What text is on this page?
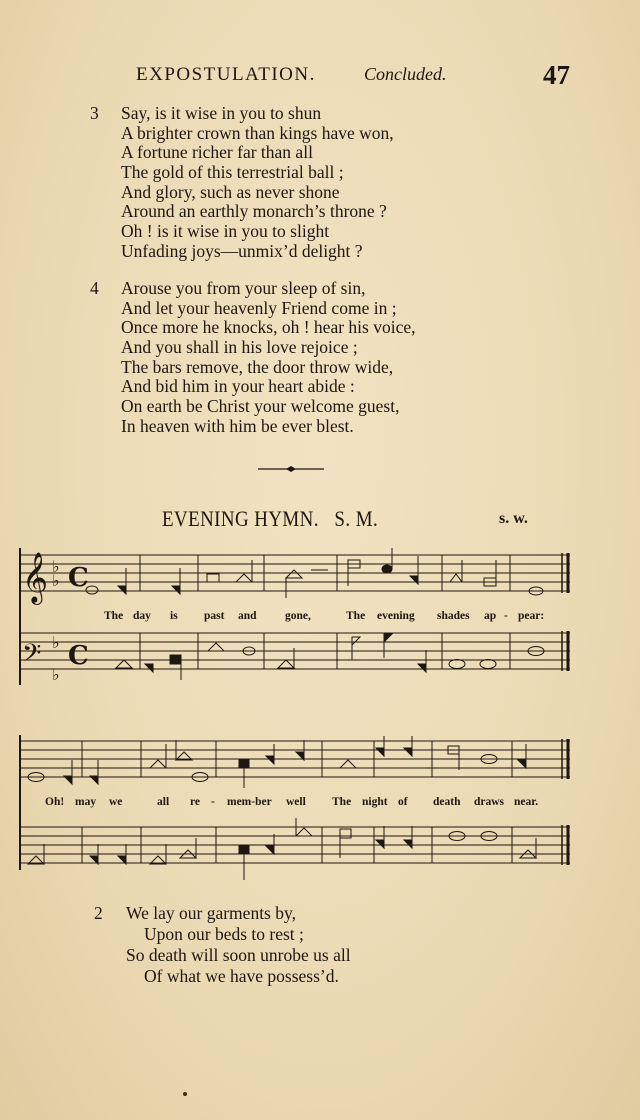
EXPOSTULATION.	Concluded.	47
3	Say, is it wise in you to shun
A brighter crown than kings have won,
A fortune richer far than all
The gold of this terrestrial ball ;
And glory, such as never shone
Around an earthly monarch’s throne ?
Oh ! is it wise in you to slight
Unfading joys—unmix’d delight ?
4	Arouse you from your sleep of sin,
And let your heavenly Friend come in ;
Once more he knocks, oh ! hear his voice,
And you shall in his love rejoice ;
The bars remove, the door throw wide,
And bid him in your heart abide :
On earth be Christ your welcome guest,
In heaven with him be ever blest.
EVENING HYMN. S. M.	s. w.
𝄞 ♭
♭ C
𝄢 ♭
♭
C
The day is past and gone,	The evening shades ap - pear:
Oh! may we	all re - mem-ber well The night of death draws near.
2 We lay our garments by,
Upon our beds to rest ;
So death will soon unrobe us all
Of what we have possess’d.
